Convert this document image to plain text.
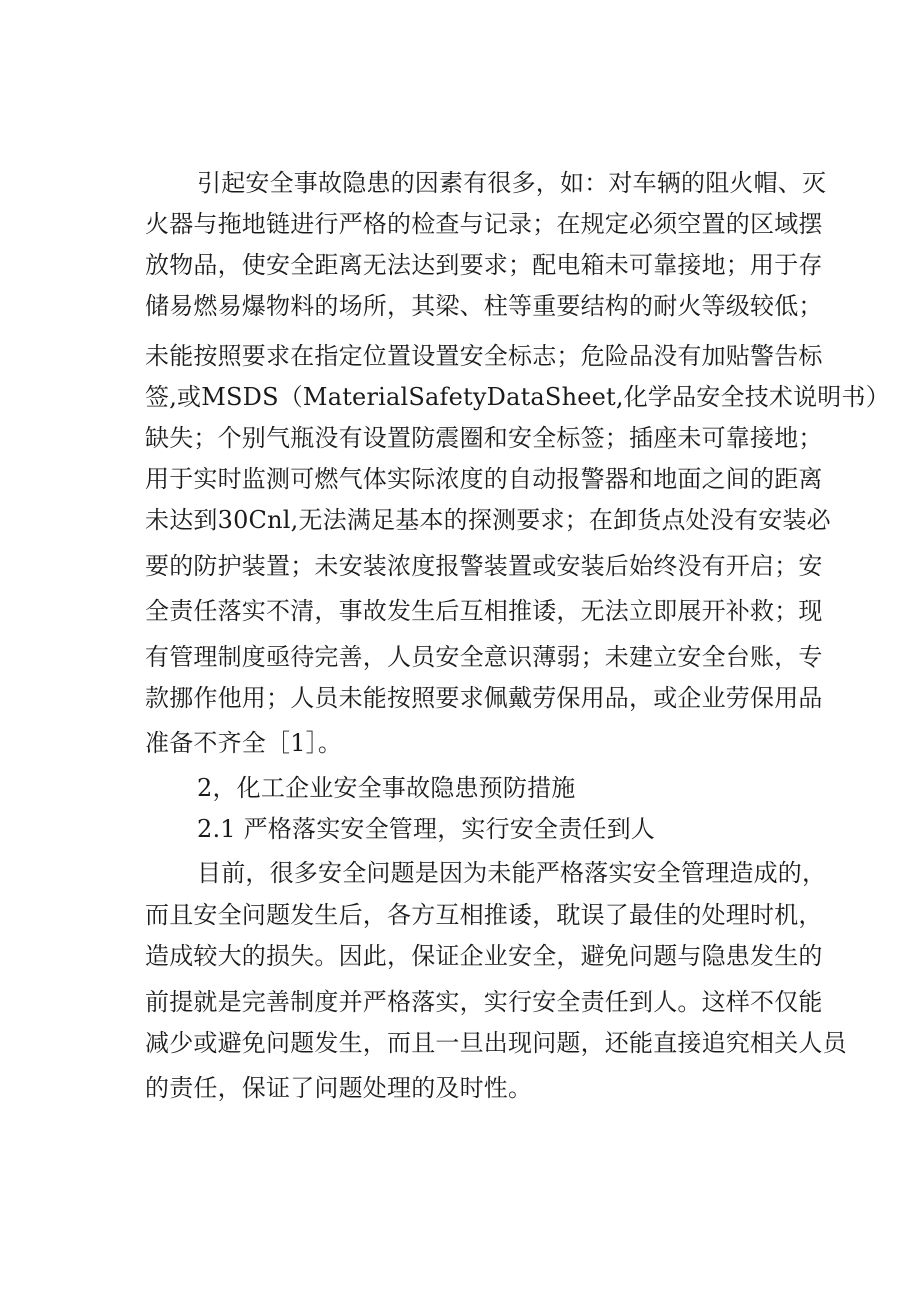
引起安全事故隐患的因素有很多，如：对车辆的阻火帽、灭
火器与拖地链进行严格的检查与记录；在规定必须空置的区域摆
放物品，使安全距离无法达到要求；配电箱未可靠接地；用于存
储易燃易爆物料的场所，其梁、柱等重要结构的耐火等级较低；
未能按照要求在指定位置设置安全标志；危险品没有加贴警告标
签,或MSDS（MaterialSafetyDataSheet,化学品安全技术说明书）
缺失；个别气瓶没有设置防震圈和安全标签；插座未可靠接地；
用于实时监测可燃气体实际浓度的自动报警器和地面之间的距离
未达到30Cnl,无法满足基本的探测要求；在卸货点处没有安装必
要的防护装置；未安装浓度报警装置或安装后始终没有开启；安
全责任落实不清，事故发生后互相推诿，无法立即展开补救；现
有管理制度亟待完善，人员安全意识薄弱；未建立安全台账，专
款挪作他用；人员未能按照要求佩戴劳保用品，或企业劳保用品
准备不齐全［1］。
2，化工企业安全事故隐患预防措施
2.1 严格落实安全管理，实行安全责任到人
目前，很多安全问题是因为未能严格落实安全管理造成的，
而且安全问题发生后，各方互相推诿，耽误了最佳的处理时机，
造成较大的损失。因此，保证企业安全，避免问题与隐患发生的
前提就是完善制度并严格落实，实行安全责任到人。这样不仅能
减少或避免问题发生，而且一旦出现问题，还能直接追究相关人员
的责任，保证了问题处理的及时性。
